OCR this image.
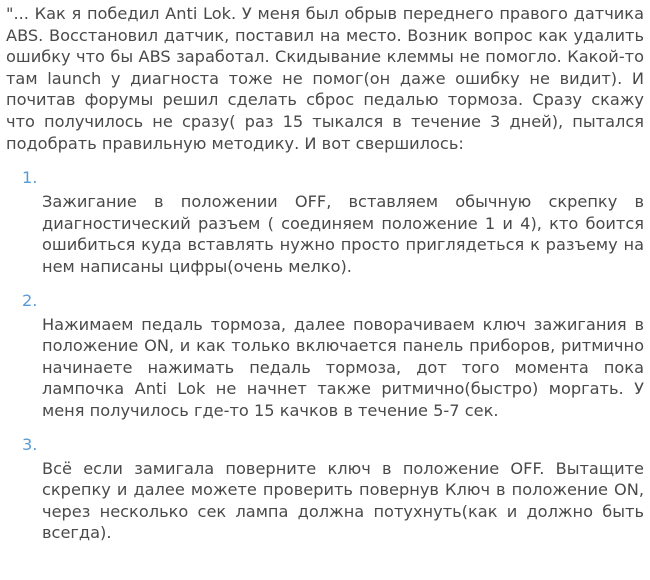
"... Как я победил Anti Lok. У меня был обрыв переднего правого датчика ABS. Восстановил датчик, поставил на место. Возник вопрос как удалить ошибку что бы ABS заработал. Скидывание клеммы не помогло. Какой-то там launch у диагноста тоже не помог(он даже ошибку не видит). И почитав форумы решил сделать сброс педалью тормоза. Сразу скажу что получилось не сразу( раз 15 тыкался в течение 3 дней), пытался подобрать правильную методику. И вот свершилось:

1.

Зажигание в положении OFF, вставляем обычную скрепку в диагностический разъем ( соединяем положение 1 и 4), кто боится ошибиться куда вставлять нужно просто приглядеться к разъему на нем написаны цифры(очень мелко).

2.

Нажимаем педаль тормоза, далее поворачиваем ключ зажигания в положение ON, и как только включается панель приборов, ритмично начинаете нажимать педаль тормоза, дот того момента пока лампочка Anti Lok не начнет также ритмично(быстро) моргать. У меня получилось где-то 15 качков в течение 5-7 сек.

3.

Всё если замигала поверните ключ в положение OFF. Вытащите скрепку и далее можете проверить повернув Ключ в положение ON, через несколько сек лампа должна потухнуть(как и должно быть всегда).
